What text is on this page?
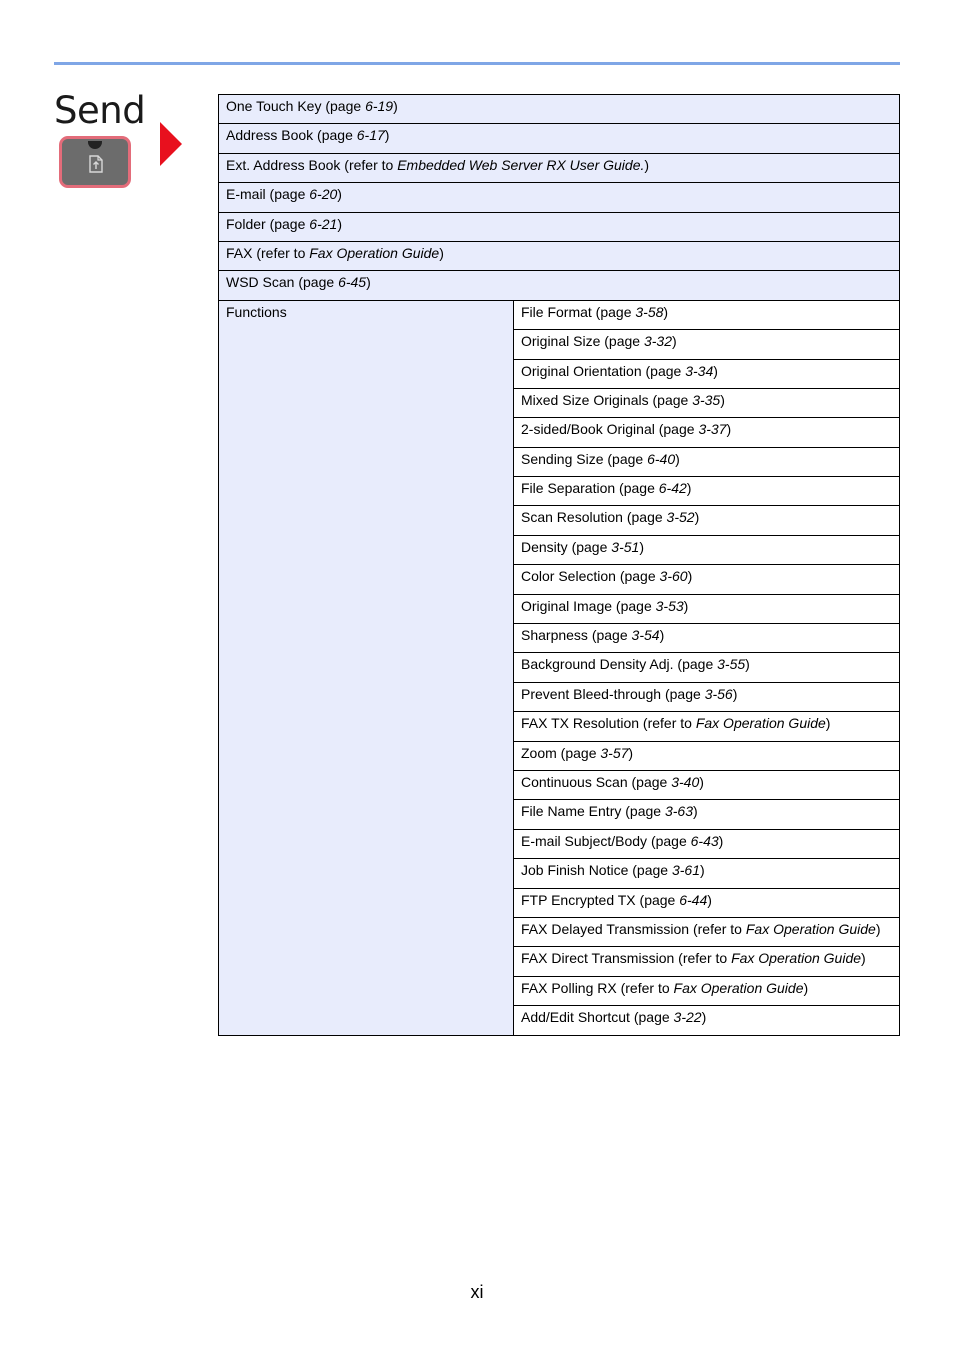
Send	One Touch Key (page 6-19)
Address Book (page 6-17)
Ext. Address Book (refer to Embedded Web Server RX User Guide.)
E-mail (page 6-20)
Folder (page 6-21)
FAX (refer to Fax Operation Guide)
WSD Scan (page 6-45)
Functions	File Format (page 3-58)
Original Size (page 3-32)
Original Orientation (page 3-34)
Mixed Size Originals (page 3-35)
2-sided/Book Original (page 3-37)
Sending Size (page 6-40)
File Separation (page 6-42)
Scan Resolution (page 3-52)
Density (page 3-51)
Color Selection (page 3-60)
Original Image (page 3-53)
Sharpness (page 3-54)
Background Density Adj. (page 3-55)
Prevent Bleed-through (page 3-56)
FAX TX Resolution (refer to Fax Operation Guide)
Zoom (page 3-57)
Continuous Scan (page 3-40)
File Name Entry (page 3-63)
E-mail Subject/Body (page 6-43)
Job Finish Notice (page 3-61)
FTP Encrypted TX (page 6-44)
FAX Delayed Transmission (refer to Fax Operation Guide)
FAX Direct Transmission (refer to Fax Operation Guide)
FAX Polling RX (refer to Fax Operation Guide)
Add/Edit Shortcut (page 3-22)
xi
